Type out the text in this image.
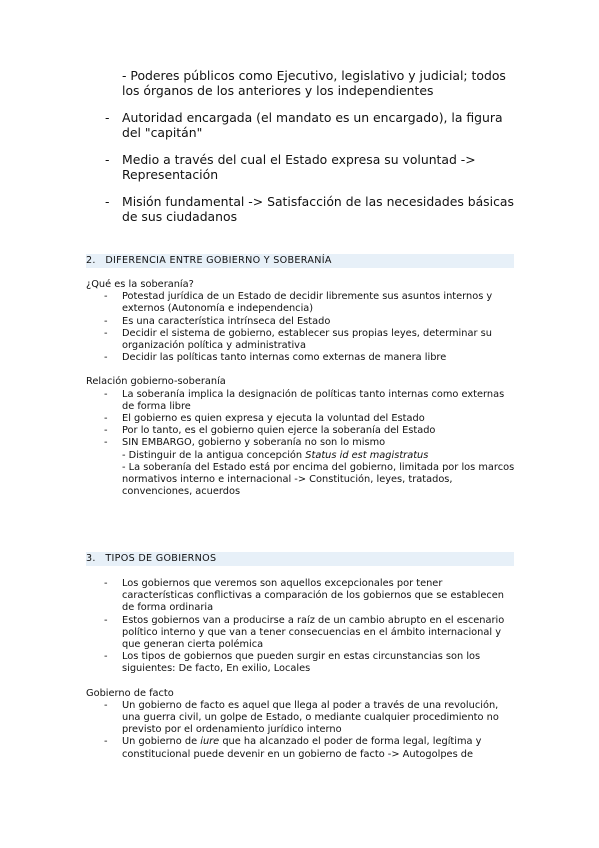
- Poderes públicos como Ejecutivo, legislativo y judicial; todos los órganos de los anteriores y los independientes
- Autoridad encargada (el mandato es un encargado), la figura del "capitán"
- Medio a través del cual el Estado expresa su voluntad -> Representación
- Misión fundamental -> Satisfacción de las necesidades básicas de sus ciudadanos
2. DIFERENCIA ENTRE GOBIERNO Y SOBERANÍA

¿Qué es la soberanía?

- Potestad jurídica de un Estado de decidir libremente sus asuntos internos y externos (Autonomía e independencia)
- Es una característica intrínseca del Estado
- Decidir el sistema de gobierno, establecer sus propias leyes, determinar su organización política y administrativa
- Decidir las políticas tanto internas como externas de manera libre

Relación gobierno-soberanía

- La soberanía implica la designación de políticas tanto internas como externas de forma libre
- El gobierno es quien expresa y ejecuta la voluntad del Estado
- Por lo tanto, es el gobierno quien ejerce la soberanía del Estado
- SIN EMBARGO, gobierno y soberanía no son lo mismo
- Distinguir de la antigua concepción Status id est magistratus
- La soberanía del Estado está por encima del gobierno, limitada por los marcos normativos interno e internacional -> Constitución, leyes, tratados, convenciones, acuerdos
3. TIPOS DE GOBIERNOS
- Los gobiernos que veremos son aquellos excepcionales por tener características conflictivas a comparación de los gobiernos que se establecen de forma ordinaria
- Estos gobiernos van a producirse a raíz de un cambio abrupto en el escenario político interno y que van a tener consecuencias en el ámbito internacional y que generan cierta polémica
- Los tipos de gobiernos que pueden surgir en estas circunstancias son los siguientes: De facto, En exilio, Locales

Gobierno de facto

- Un gobierno de facto es aquel que llega al poder a través de una revolución, una guerra civil, un golpe de Estado, o mediante cualquier procedimiento no previsto por el ordenamiento jurídico interno
- Un gobierno de iure que ha alcanzado el poder de forma legal, legítima y constitucional puede devenir en un gobierno de facto -> Autogolpes de
